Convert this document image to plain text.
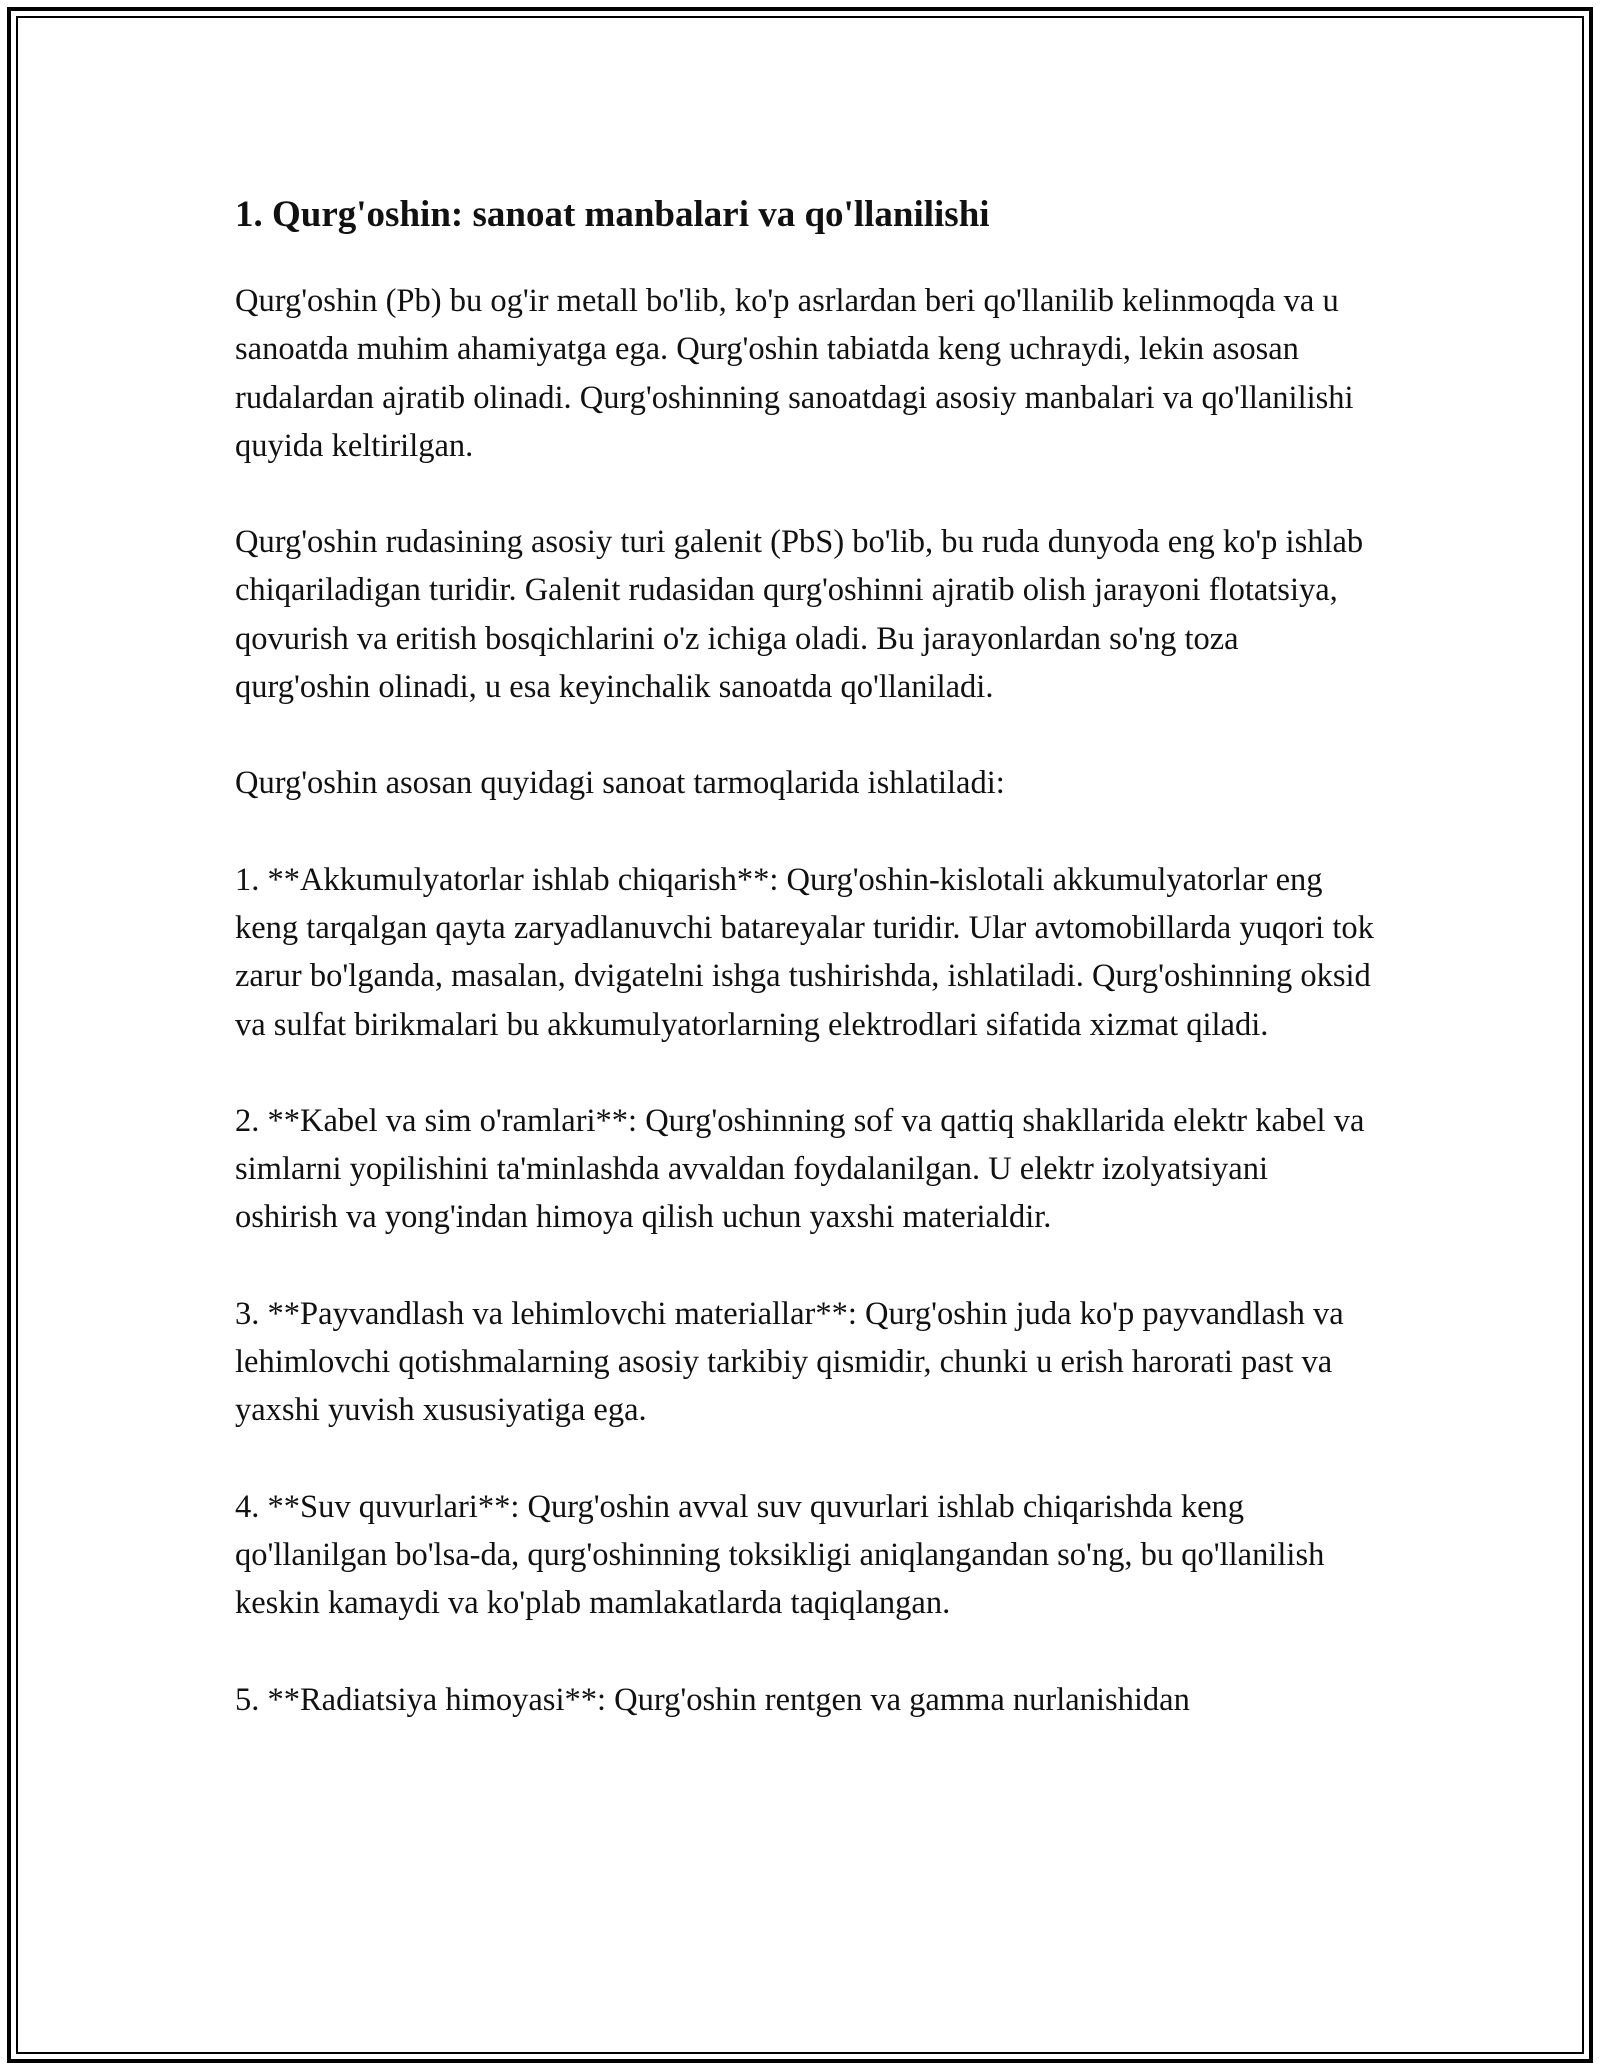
1. Qurg'oshin: sanoat manbalari va qo'llanilishi

Qurg'oshin (Pb) bu og'ir metall bo'lib, ko'p asrlardan beri qo'llanilib kelinmoqda va u sanoatda muhim ahamiyatga ega. Qurg'oshin tabiatda keng uchraydi, lekin asosan rudalardan ajratib olinadi. Qurg'oshinning sanoatdagi asosiy manbalari va qo'llanilishi quyida keltirilgan.

Qurg'oshin rudasining asosiy turi galenit (PbS) bo'lib, bu ruda dunyoda eng ko'p ishlab chiqariladigan turidir. Galenit rudasidan qurg'oshinni ajratib olish jarayoni flotatsiya, qovurish va eritish bosqichlarini o'z ichiga oladi. Bu jarayonlardan so'ng toza qurg'oshin olinadi, u esa keyinchalik sanoatda qo'llaniladi.

Qurg'oshin asosan quyidagi sanoat tarmoqlarida ishlatiladi:

1. **Akkumulyatorlar ishlab chiqarish**: Qurg'oshin-kislotali akkumulyatorlar eng keng tarqalgan qayta zaryadlanuvchi batareyalar turidir. Ular avtomobillarda yuqori tok zarur bo'lganda, masalan, dvigatelni ishga tushirishda, ishlatiladi. Qurg'oshinning oksid va sulfat birikmalari bu akkumulyatorlarning elektrodlari sifatida xizmat qiladi.

2. **Kabel va sim o'ramlari**: Qurg'oshinning sof va qattiq shakllarida elektr kabel va simlarni yopilishini ta'minlashda avvaldan foydalanilgan. U elektr izolyatsiyani oshirish va yong'indan himoya qilish uchun yaxshi materialdir.

3. **Payvandlash va lehimlovchi materiallar**: Qurg'oshin juda ko'p payvandlash va lehimlovchi qotishmalarning asosiy tarkibiy qismidir, chunki u erish harorati past va yaxshi yuvish xususiyatiga ega.

4. **Suv quvurlari**: Qurg'oshin avval suv quvurlari ishlab chiqarishda keng qo'llanilgan bo'lsa-da, qurg'oshinning toksikligi aniqlangandan so'ng, bu qo'llanilish keskin kamaydi va ko'plab mamlakatlarda taqiqlangan.

5. **Radiatsiya himoyasi**: Qurg'oshin rentgen va gamma nurlanishidan
